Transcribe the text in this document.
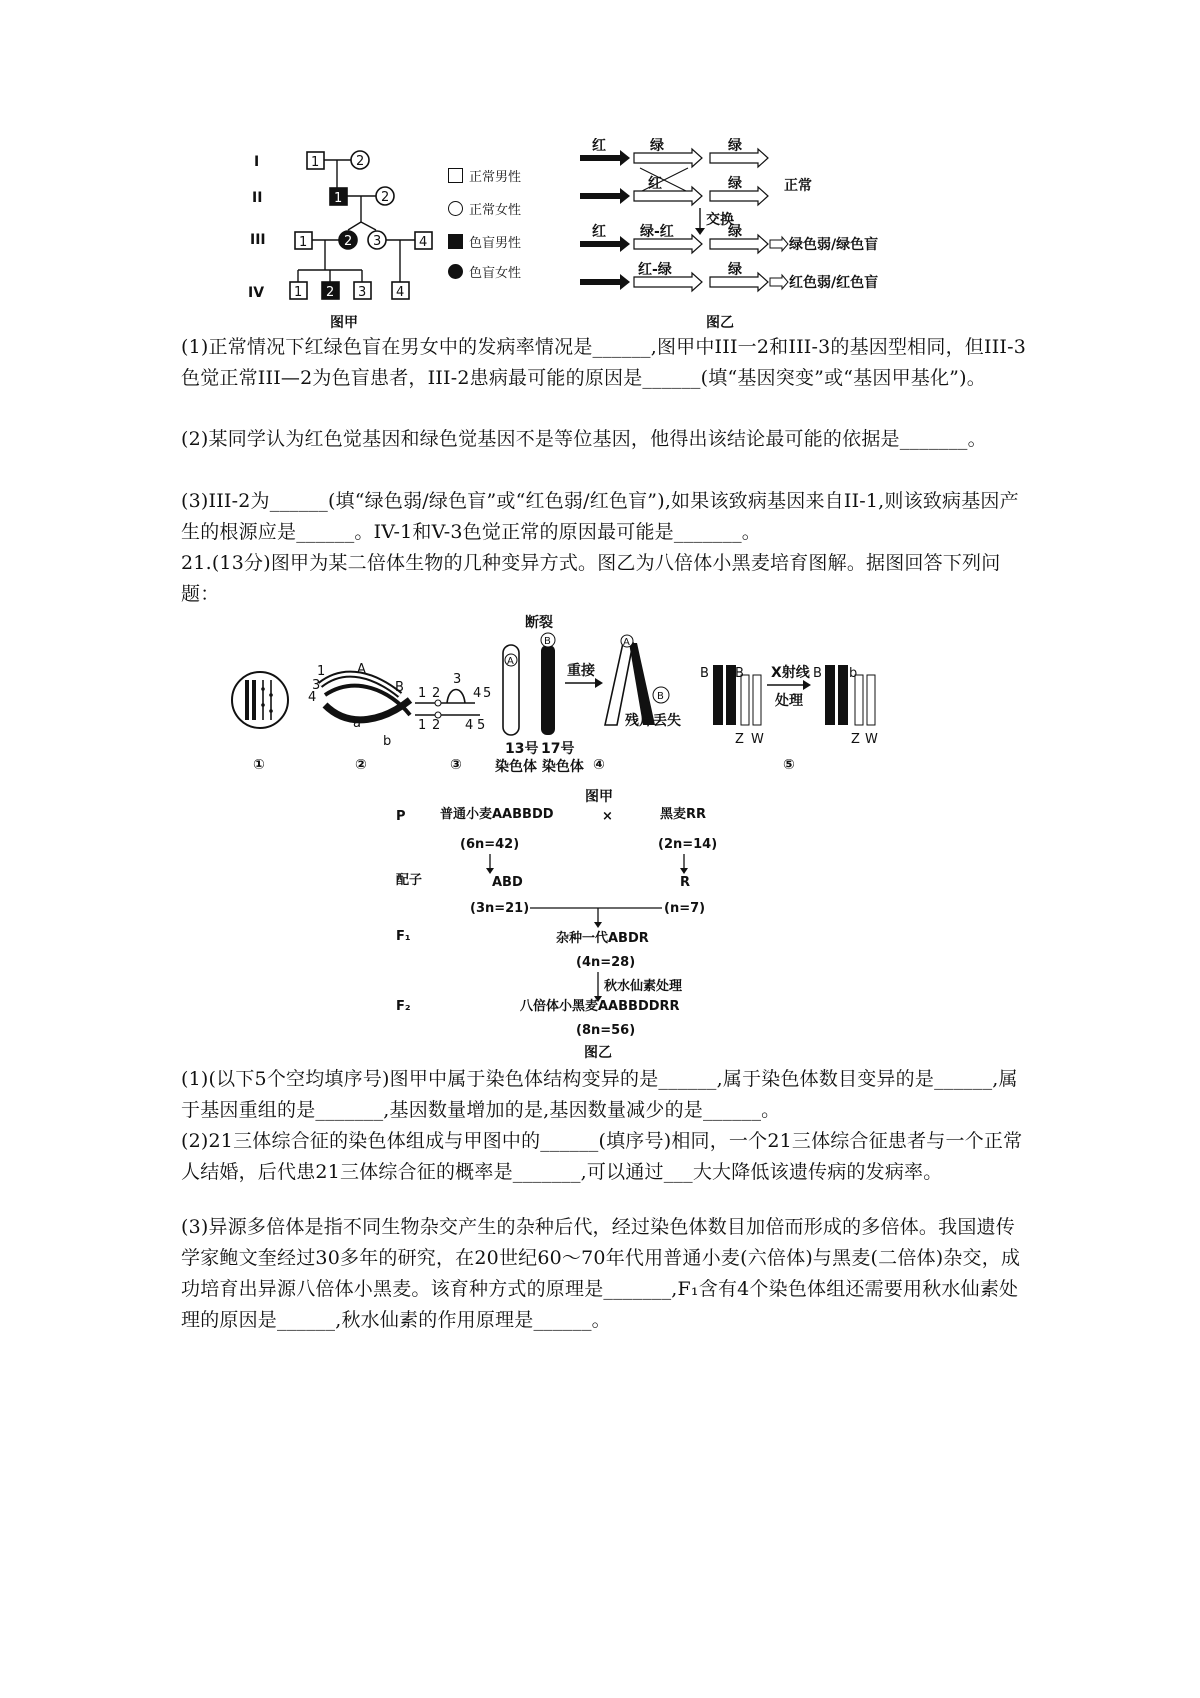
I
II
III
IV
1	2
1	2
1	2 3	4
1 2 3 4
正常男性
正常女性
色盲男性
色盲女性
图甲
红	绿	绿
红	绿	正常
交换
红 绿-红	绿
绿色弱/绿色盲
红-绿	绿
红色弱/红色盲
图乙

(1)正常情况下红绿色盲在男女中的发病率情况是______,图甲中III一2和III-3的基因型相同，但III-3色觉正常III—2为色盲患者，III-2患病最可能的原因是______(填“基因突变”或“基因甲基化”)。

(2)某同学认为红色觉基因和绿色觉基因不是等位基因，他得出该结论最可能的依据是_______。

(3)III-2为______(填“绿色弱/绿色盲”或“红色弱/红色盲”),如果该致病基因来自II-1,则该致病基因产生的根源应是______。IV-1和V-3色觉正常的原因最可能是_______。

21.(13分)图甲为某二倍体生物的几种变异方式。图乙为八倍体小黑麦培育图解。据图回答下列问题：

1
3
4
A
B
a
b
1 2
3
4 5
1 2 4 5
A
B
断裂
重接
A
B
13号 17号
染色体 染色体
残片丢失
B B
Z W
X射线
处理
B b
Z W
①	②	③	④	⑤
图甲
P	普通小麦AABBDD	×	黑麦RR
(6n=42)	(2n=14)
配子	ABD	R
(3n=21)	(n=7)
F₁	杂种一代ABDR
(4n=28)
秋水仙素处理
F₂	八倍体小黑麦AABBDDRR
(8n=56)
图乙

(1)(以下5个空均填序号)图甲中属于染色体结构变异的是______,属于染色体数目变异的是______,属于基因重组的是_______,基因数量增加的是,基因数量减少的是______。

(2)21三体综合征的染色体组成与甲图中的______(填序号)相同，一个21三体综合征患者与一个正常人结婚，后代患21三体综合征的概率是_______,可以通过___大大降低该遗传病的发病率。

(3)异源多倍体是指不同生物杂交产生的杂种后代，经过染色体数目加倍而形成的多倍体。我国遗传学家鲍文奎经过30多年的研究，在20世纪60～70年代用普通小麦(六倍体)与黑麦(二倍体)杂交，成功培育出异源八倍体小黑麦。该育种方式的原理是_______,F₁含有4个染色体组还需要用秋水仙素处理的原因是______,秋水仙素的作用原理是______。
